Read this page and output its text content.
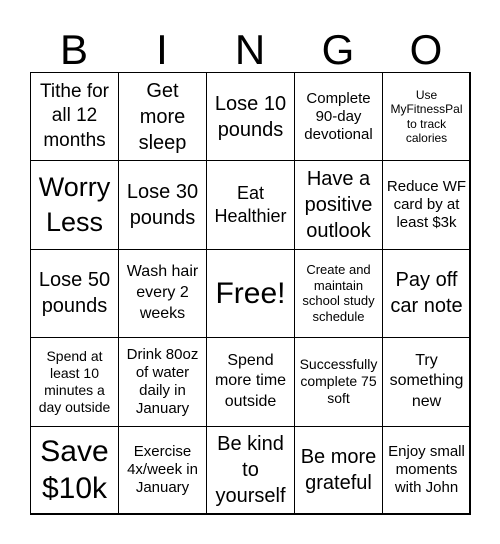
B	I	N	G	O
Tithe for all 12 months
Get more sleep
Lose 10 pounds
Complete 90-day devotional
Use MyFitnessPal to track calories
Worry Less
Lose 30 pounds
Eat Healthier
Have a positive outlook
Reduce WF card by at least $3k
Lose 50 pounds
Wash hair every 2 weeks
Free!
Create and maintain school study schedule
Pay off car note
Spend at least 10 minutes a day outside
Drink 80oz of water daily in January
Spend more time outside
Successfully complete 75 soft
Try something new
Save $10k
Exercise 4x/week in January
Be kind to yourself
Be more grateful
Enjoy small moments with John
